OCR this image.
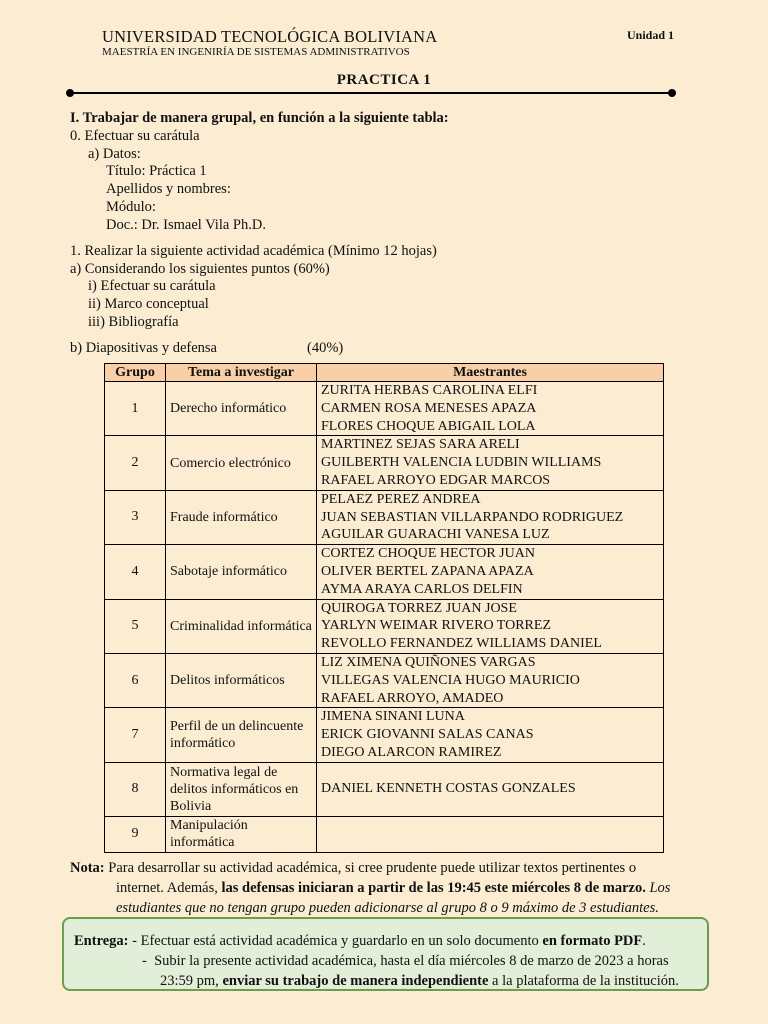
UNIVERSIDAD TECNOLÓGICA BOLIVIANA
MAESTRÍA EN INGENIRÍA DE SISTEMAS ADMINISTRATIVOS
Unidad 1
PRACTICA 1
I. Trabajar de manera grupal, en función a la siguiente tabla:
0. Efectuar su carátula
a) Datos:
Título: Práctica 1
Apellidos y nombres:
Módulo:
Doc.: Dr. Ismael Vila Ph.D.
1. Realizar la siguiente actividad académica (Mínimo 12 hojas)
a) Considerando los siguientes puntos (60%)
i) Efectuar su carátula
ii) Marco conceptual
iii) Bibliografía
b) Diapositivas y defensa	(40%)
Grupo	Tema a investigar	Maestrantes
1	Derecho informático	ZURITA HERBAS CAROLINA ELFI
CARMEN ROSA MENESES APAZA
FLORES CHOQUE ABIGAIL LOLA

2	Comercio electrónico	MARTINEZ SEJAS SARA ARELI
GUILBERTH VALENCIA LUDBIN WILLIAMS
RAFAEL ARROYO EDGAR MARCOS

3	Fraude informático	PELAEZ PEREZ ANDREA
JUAN SEBASTIAN VILLARPANDO RODRIGUEZ
AGUILAR GUARACHI VANESA LUZ

4	Sabotaje informático	CORTEZ CHOQUE HECTOR JUAN
OLIVER BERTEL ZAPANA APAZA
AYMA ARAYA CARLOS DELFIN

5	Criminalidad informática	QUIROGA TORREZ JUAN JOSE
YARLYN WEIMAR RIVERO TORREZ
REVOLLO FERNANDEZ WILLIAMS DANIEL

6	Delitos informáticos	LIZ XIMENA QUIÑONES VARGAS
VILLEGAS VALENCIA HUGO MAURICIO
RAFAEL ARROYO, AMADEO

7	Perfil de un delincuente informático	JIMENA SINANI LUNA
ERICK GIOVANNI SALAS CANAS
DIEGO ALARCON RAMIREZ

8	Normativa legal de delitos informáticos en Bolivia	DANIEL KENNETH COSTAS GONZALES

9	Manipulación informática	
Nota: Para desarrollar su actividad académica, si cree prudente puede utilizar textos pertinentes o
internet. Además, las defensas iniciaran a partir de las 19:45 este miércoles 8 de marzo. Los
estudiantes que no tengan grupo pueden adicionarse al grupo 8 o 9 máximo de 3 estudiantes.
Entrega: - Efectuar está actividad académica y guardarlo en un solo documento en formato PDF.
-  Subir la presente actividad académica, hasta el día miércoles 8 de marzo de 2023 a horas
23:59 pm, enviar su trabajo de manera independiente a la plataforma de la institución.
